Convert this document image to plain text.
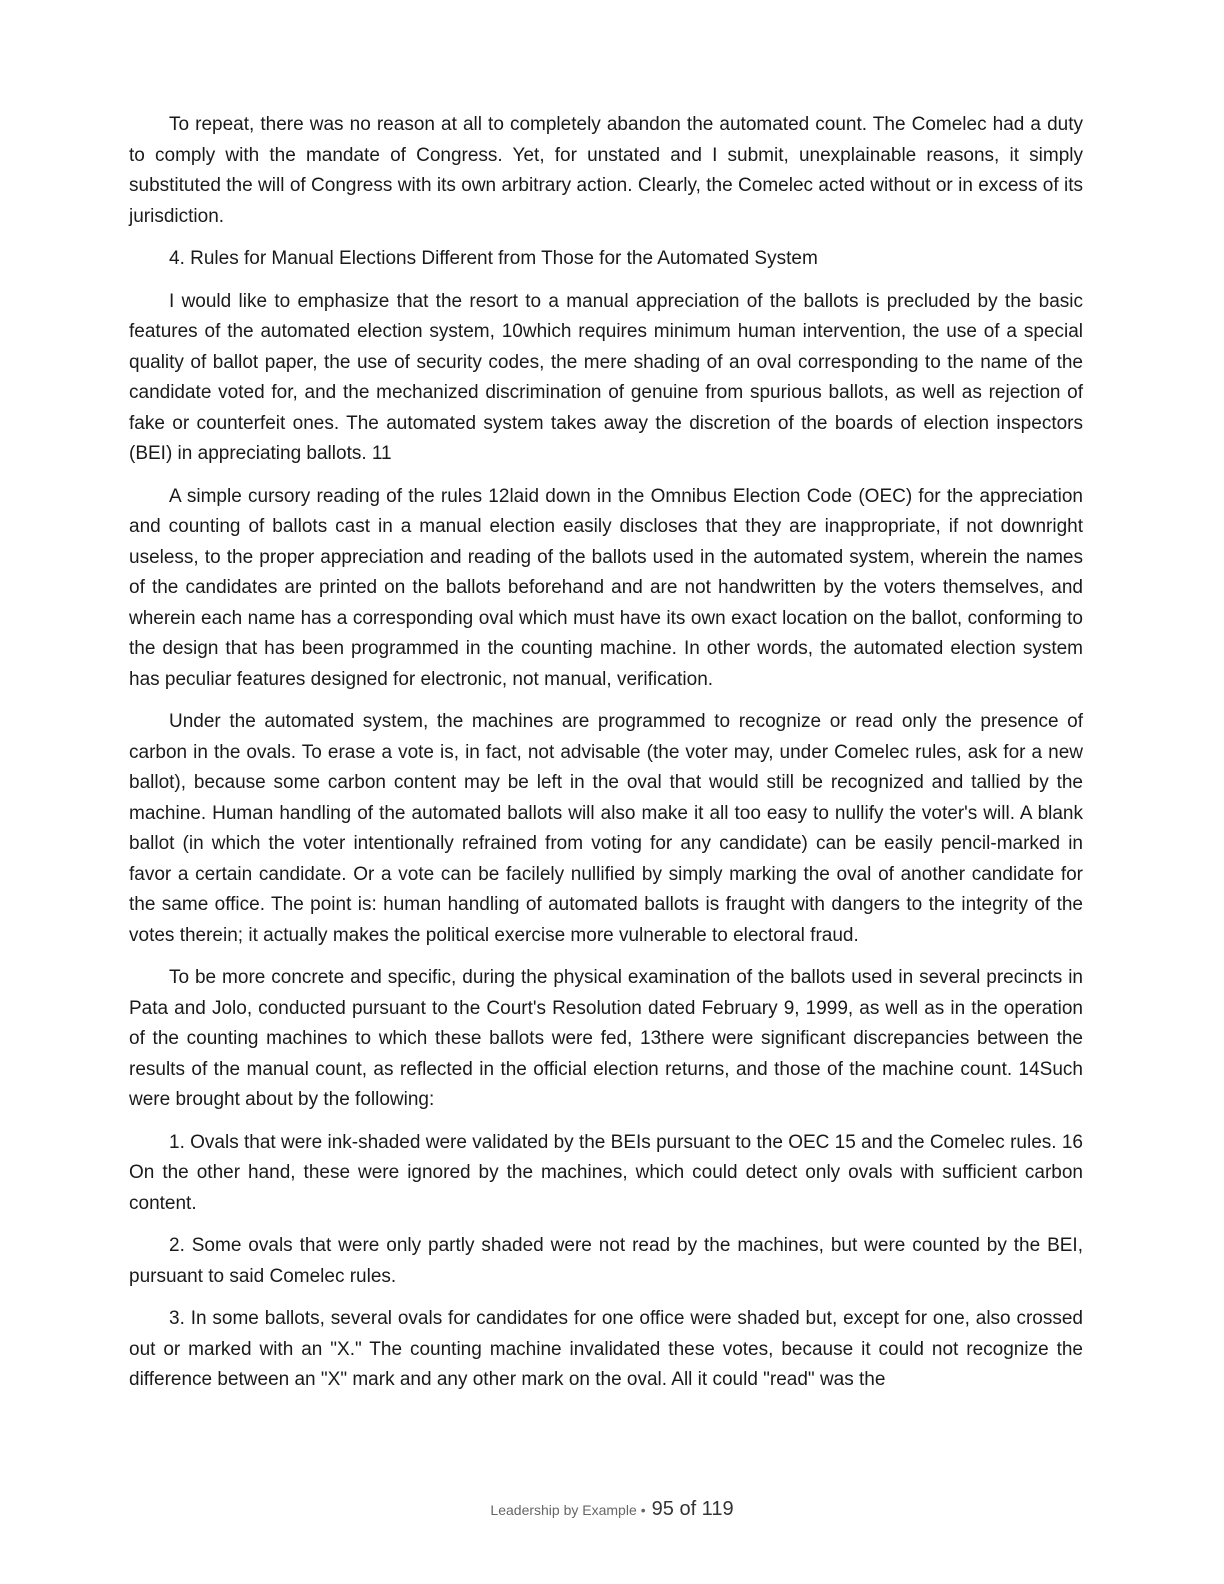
To repeat, there was no reason at all to completely abandon the automated count. The Comelec had a duty to comply with the mandate of Congress. Yet, for unstated and I submit, unexplainable reasons, it simply substituted the will of Congress with its own arbitrary action. Clearly, the Comelec acted without or in excess of its jurisdiction.

4. Rules for Manual Elections Different from Those for the Automated System

I would like to emphasize that the resort to a manual appreciation of the ballots is precluded by the basic features of the automated election system, 10which requires minimum human intervention, the use of a special quality of ballot paper, the use of security codes, the mere shading of an oval corresponding to the name of the candidate voted for, and the mechanized discrimination of genuine from spurious ballots, as well as rejection of fake or counterfeit ones. The automated system takes away the discretion of the boards of election inspectors (BEI) in appreciating ballots. 11

A simple cursory reading of the rules 12laid down in the Omnibus Election Code (OEC) for the appreciation and counting of ballots cast in a manual election easily discloses that they are inappropriate, if not downright useless, to the proper appreciation and reading of the ballots used in the automated system, wherein the names of the candidates are printed on the ballots beforehand and are not handwritten by the voters themselves, and wherein each name has a corresponding oval which must have its own exact location on the ballot, conforming to the design that has been programmed in the counting machine. In other words, the automated election system has peculiar features designed for electronic, not manual, verification.

Under the automated system, the machines are programmed to recognize or read only the presence of carbon in the ovals. To erase a vote is, in fact, not advisable (the voter may, under Comelec rules, ask for a new ballot), because some carbon content may be left in the oval that would still be recognized and tallied by the machine. Human handling of the automated ballots will also make it all too easy to nullify the voter's will. A blank ballot (in which the voter intentionally refrained from voting for any candidate) can be easily pencil-marked in favor a certain candidate. Or a vote can be facilely nullified by simply marking the oval of another candidate for the same office. The point is: human handling of automated ballots is fraught with dangers to the integrity of the votes therein; it actually makes the political exercise more vulnerable to electoral fraud.

To be more concrete and specific, during the physical examination of the ballots used in several precincts in Pata and Jolo, conducted pursuant to the Court's Resolution dated February 9, 1999, as well as in the operation of the counting machines to which these ballots were fed, 13there were significant discrepancies between the results of the manual count, as reflected in the official election returns, and those of the machine count. 14Such were brought about by the following:

1. Ovals that were ink-shaded were validated by the BEIs pursuant to the OEC 15 and the Comelec rules. 16 On the other hand, these were ignored by the machines, which could detect only ovals with sufficient carbon content.

2. Some ovals that were only partly shaded were not read by the machines, but were counted by the BEI, pursuant to said Comelec rules.

3. In some ballots, several ovals for candidates for one office were shaded but, except for one, also crossed out or marked with an "X." The counting machine invalidated these votes, because it could not recognize the difference between an "X" mark and any other mark on the oval. All it could "read" was the

Leadership by Example • 95 of 119
